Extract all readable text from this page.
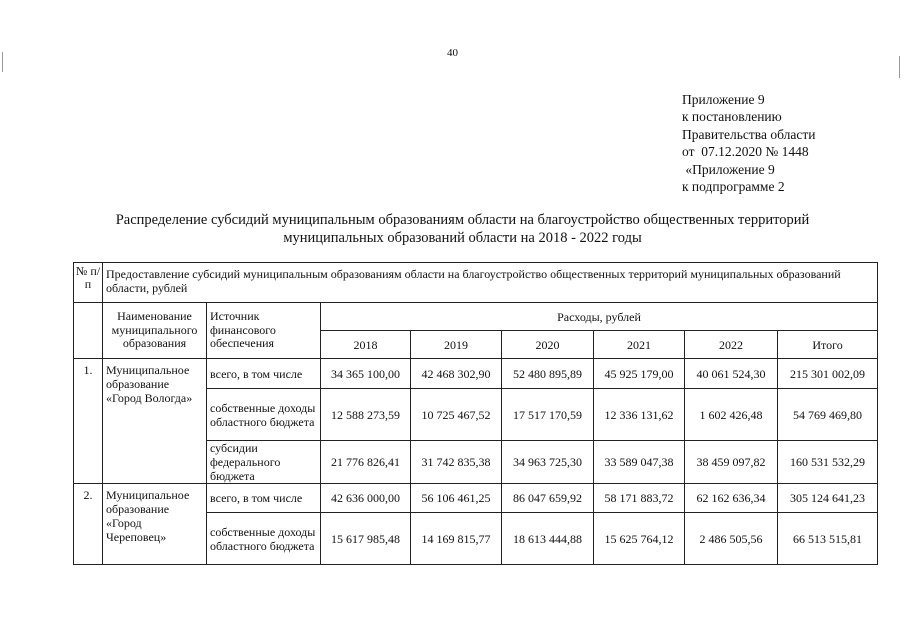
40
Приложение 9
к постановлению
Правительства области
от  07.12.2020 № 1448
«Приложение 9
к подпрограмме 2
Распределение субсидий муниципальным образованиям области на благоустройство общественных территорий
муниципальных образований области на 2018 - 2022 годы
№ п/п	Предоставление субсидий муниципальным образованиям области на благоустройство общественных территорий муниципальных образований области, рублей							
	Наименование муниципального образования	Источник финансового обеспечения	Расходы, рублей					
			2018	2019	2020	2021	2022	Итого
1.	Муниципальное образование «Город Вологда»	всего, в том числе	34 365 100,00	42 468 302,90	52 480 895,89	45 925 179,00	40 061 524,30	215 301 002,09
		собственные доходы областного бюджета	12 588 273,59	10 725 467,52	17 517 170,59	12 336 131,62	1 602 426,48	54 769 469,80
		субсидии федерального бюджета	21 776 826,41	31 742 835,38	34 963 725,30	33 589 047,38	38 459 097,82	160 531 532,29
2.	Муниципальное образование «Город Череповец»	всего, в том числе	42 636 000,00	56 106 461,25	86 047 659,92	58 171 883,72	62 162 636,34	305 124 641,23
		собственные доходы областного бюджета	15 617 985,48	14 169 815,77	18 613 444,88	15 625 764,12	2 486 505,56	66 513 515,81
